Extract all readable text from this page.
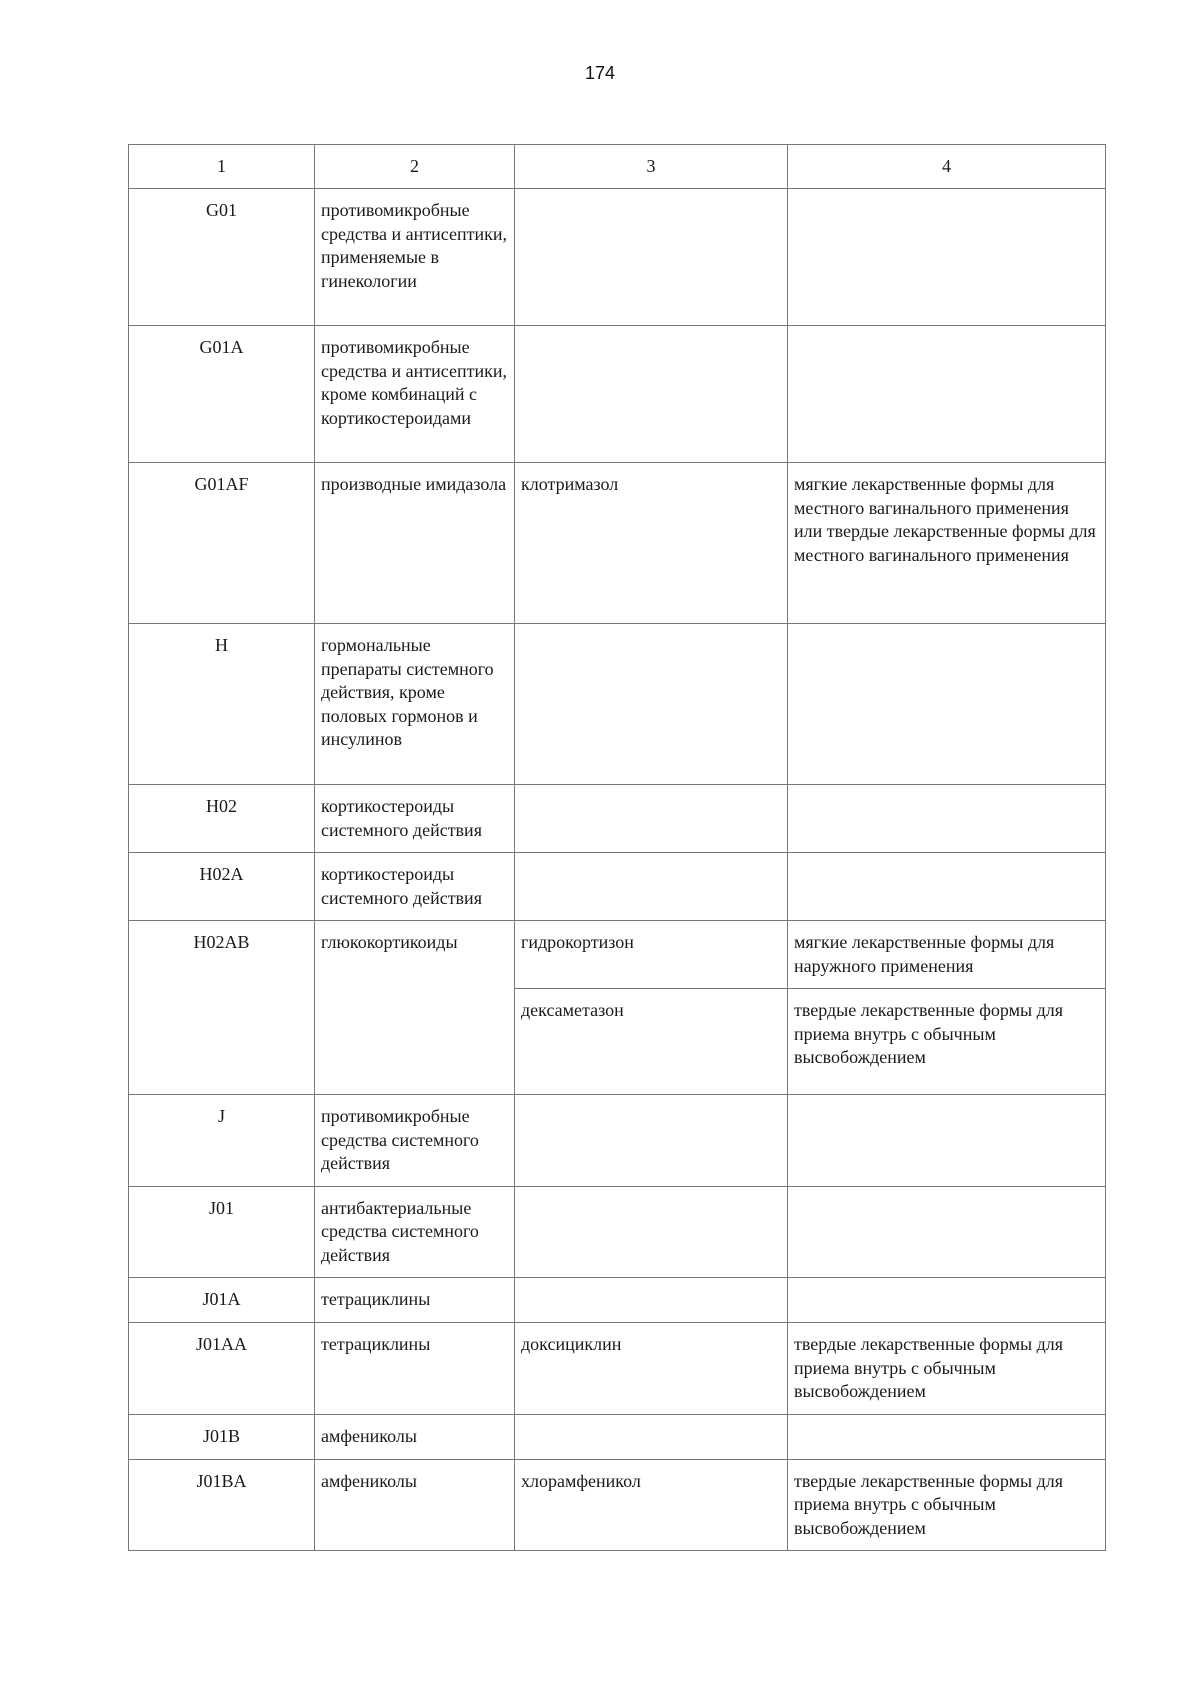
174
1	2	3	4
G01	противомикробные средства и антисептики, применяемые в гинекологии		
G01A	противомикробные средства и антисептики, кроме комбинаций с кортикостероидами		
G01AF	производные имидазола	клотримазол	мягкие лекарственные формы для местного вагинального применения или твердые лекарственные формы для местного вагинального применения
H	гормональные препараты системного действия, кроме половых гормонов и инсулинов		
H02	кортикостероиды системного действия		
H02A	кортикостероиды системного действия		
H02AB	глюкокортикоиды	гидрокортизон	мягкие лекарственные формы для наружного применения
		дексаметазон	твердые лекарственные формы для приема внутрь с обычным высвобождением
J	противомикробные средства системного действия		
J01	антибактериальные средства системного действия		
J01A	тетрациклины		
J01AA	тетрациклины	доксициклин	твердые лекарственные формы для приема внутрь с обычным высвобождением
J01B	амфениколы		
J01BA	амфениколы	хлорамфеникол	твердые лекарственные формы для приема внутрь с обычным высвобождением
